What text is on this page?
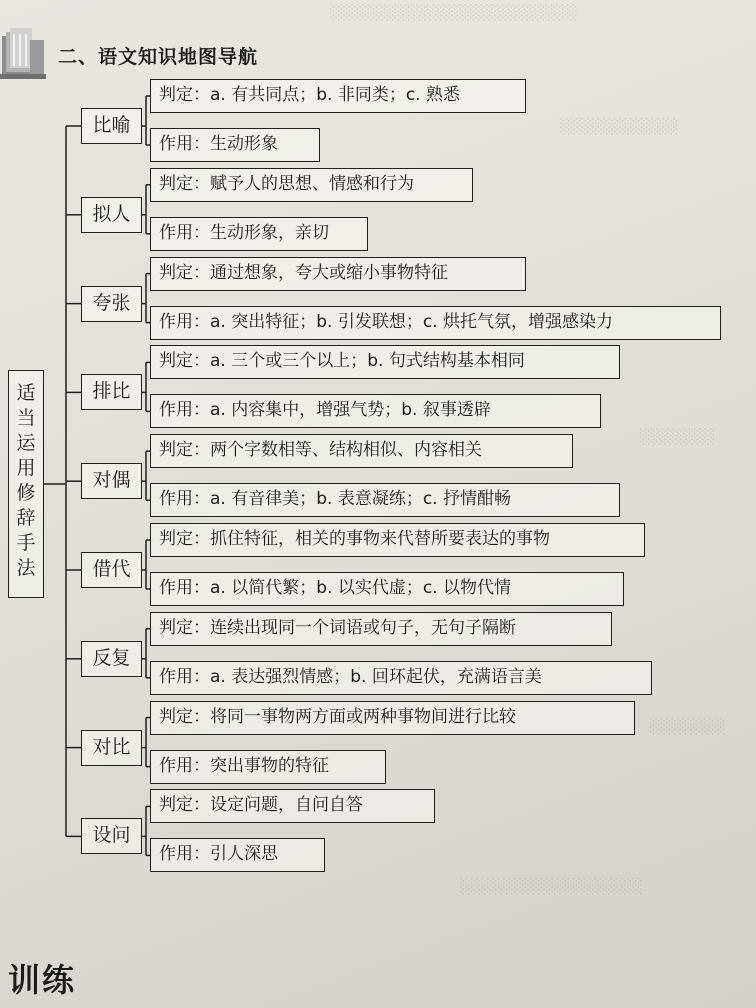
░░░░░░░░░░░░░░░░░░░░░░░
░░░░░░░░░░░
░░░░░░░
░░░░░░░
░░░░░░░░░░░░░░░░░
二、语文知识地图导航
适当运用修辞手法
比喻
判定：a. 有共同点；b. 非同类；c. 熟悉
作用：生动形象
拟人
判定：赋予人的思想、情感和行为
作用：生动形象，亲切
夸张
判定：通过想象，夸大或缩小事物特征
作用：a. 突出特征；b. 引发联想；c. 烘托气氛，增强感染力
排比
判定：a. 三个或三个以上；b. 句式结构基本相同
作用：a. 内容集中，增强气势；b. 叙事透辟
对偶
判定：两个字数相等、结构相似、内容相关
作用：a. 有音律美；b. 表意凝练；c. 抒情酣畅
借代
判定：抓住特征，相关的事物来代替所要表达的事物
作用：a. 以简代繁；b. 以实代虚；c. 以物代情
反复
判定：连续出现同一个词语或句子，无句子隔断
作用：a. 表达强烈情感；b. 回环起伏，充满语言美
对比
判定：将同一事物两方面或两种事物间进行比较
作用：突出事物的特征
设问
判定：设定问题，自问自答
作用：引人深思
训练
